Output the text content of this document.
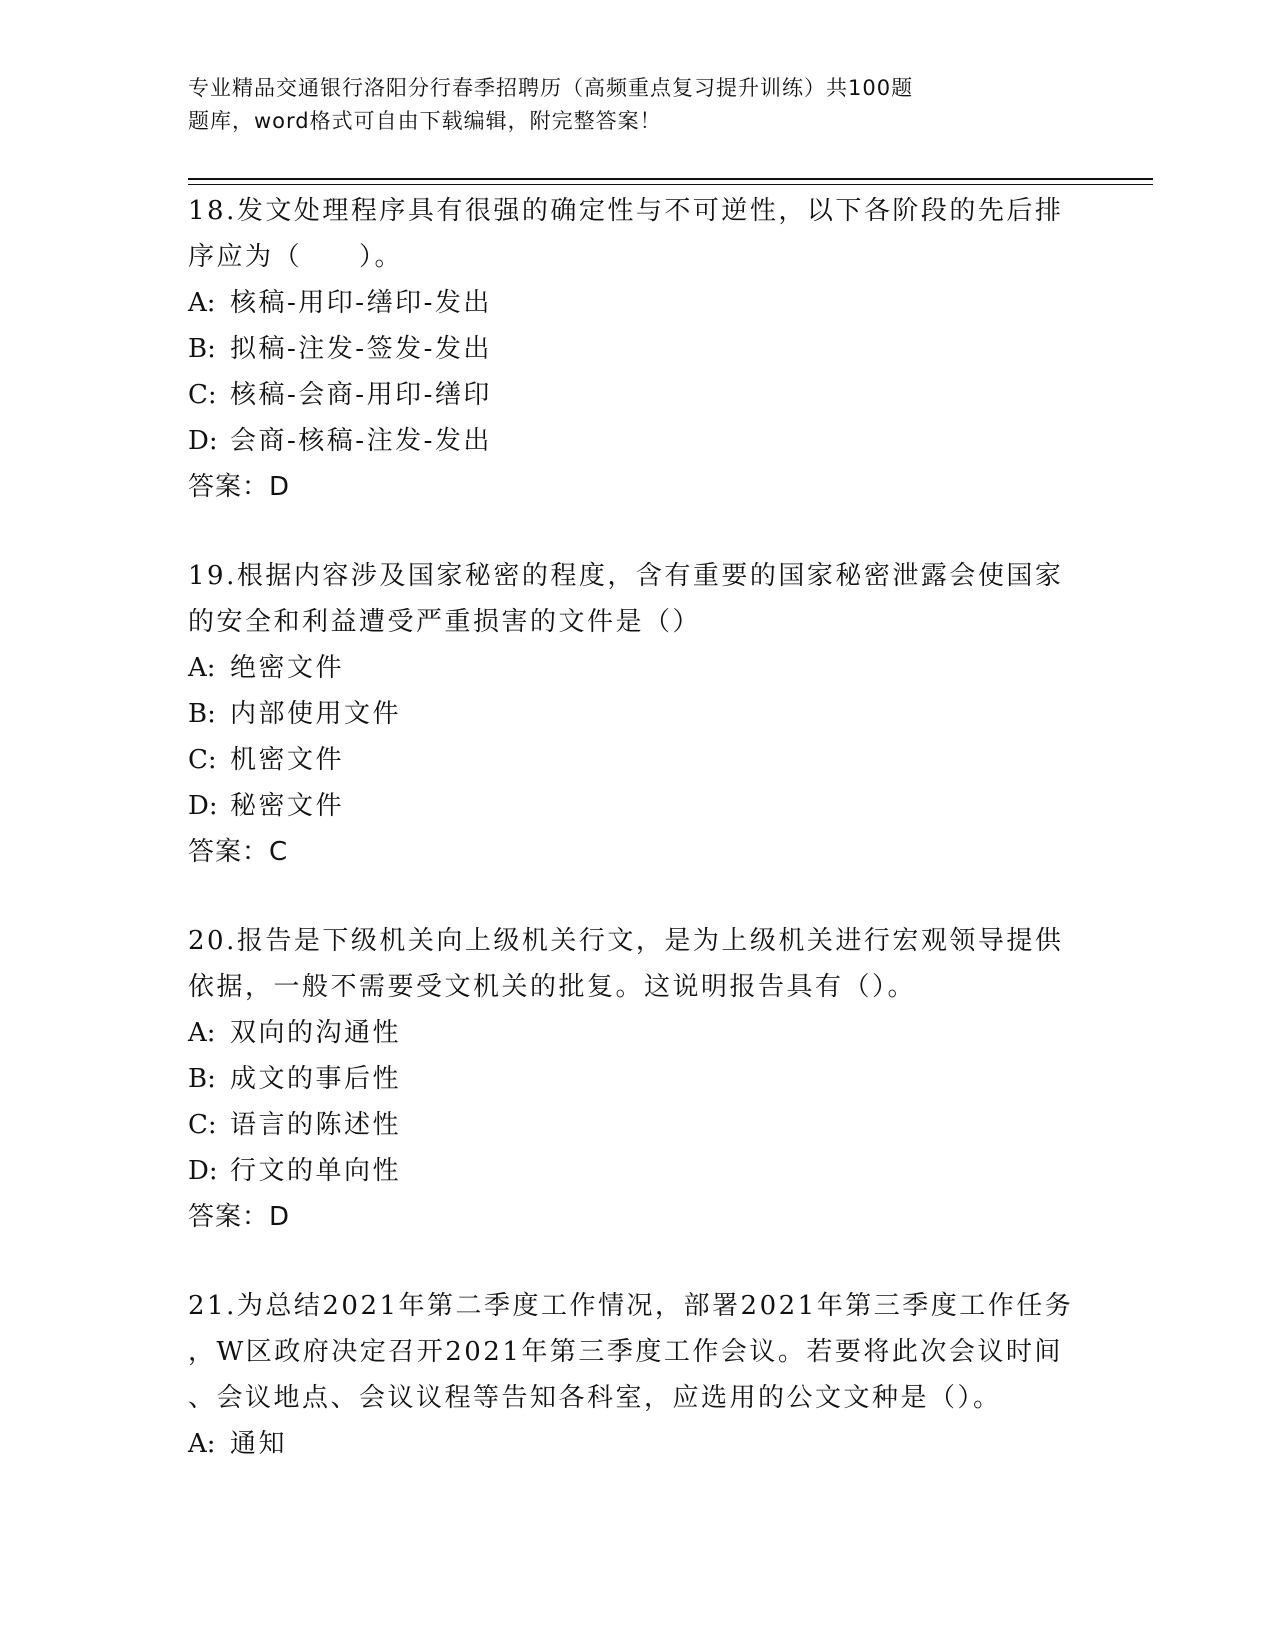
专业精品交通银行洛阳分行春季招聘历（高频重点复习提升训练）共100题
题库，word格式可自由下载编辑，附完整答案！

18.发文处理程序具有很强的确定性与不可逆性，以下各阶段的先后排

序应为（　　）。

A: 核稿-用印-缮印-发出

B: 拟稿-注发-签发-发出

C: 核稿-会商-用印-缮印

D: 会商-核稿-注发-发出

答案：D

19.根据内容涉及国家秘密的程度，含有重要的国家秘密泄露会使国家

的安全和利益遭受严重损害的文件是（）

A: 绝密文件

B: 内部使用文件

C: 机密文件

D: 秘密文件

答案：C

20.报告是下级机关向上级机关行文，是为上级机关进行宏观领导提供

依据，一般不需要受文机关的批复。这说明报告具有（）。

A: 双向的沟通性

B: 成文的事后性

C: 语言的陈述性

D: 行文的单向性

答案：D

21.为总结2021年第二季度工作情况，部署2021年第三季度工作任务

，W区政府决定召开2021年第三季度工作会议。若要将此次会议时间

、会议地点、会议议程等告知各科室，应选用的公文文种是（）。

A: 通知
